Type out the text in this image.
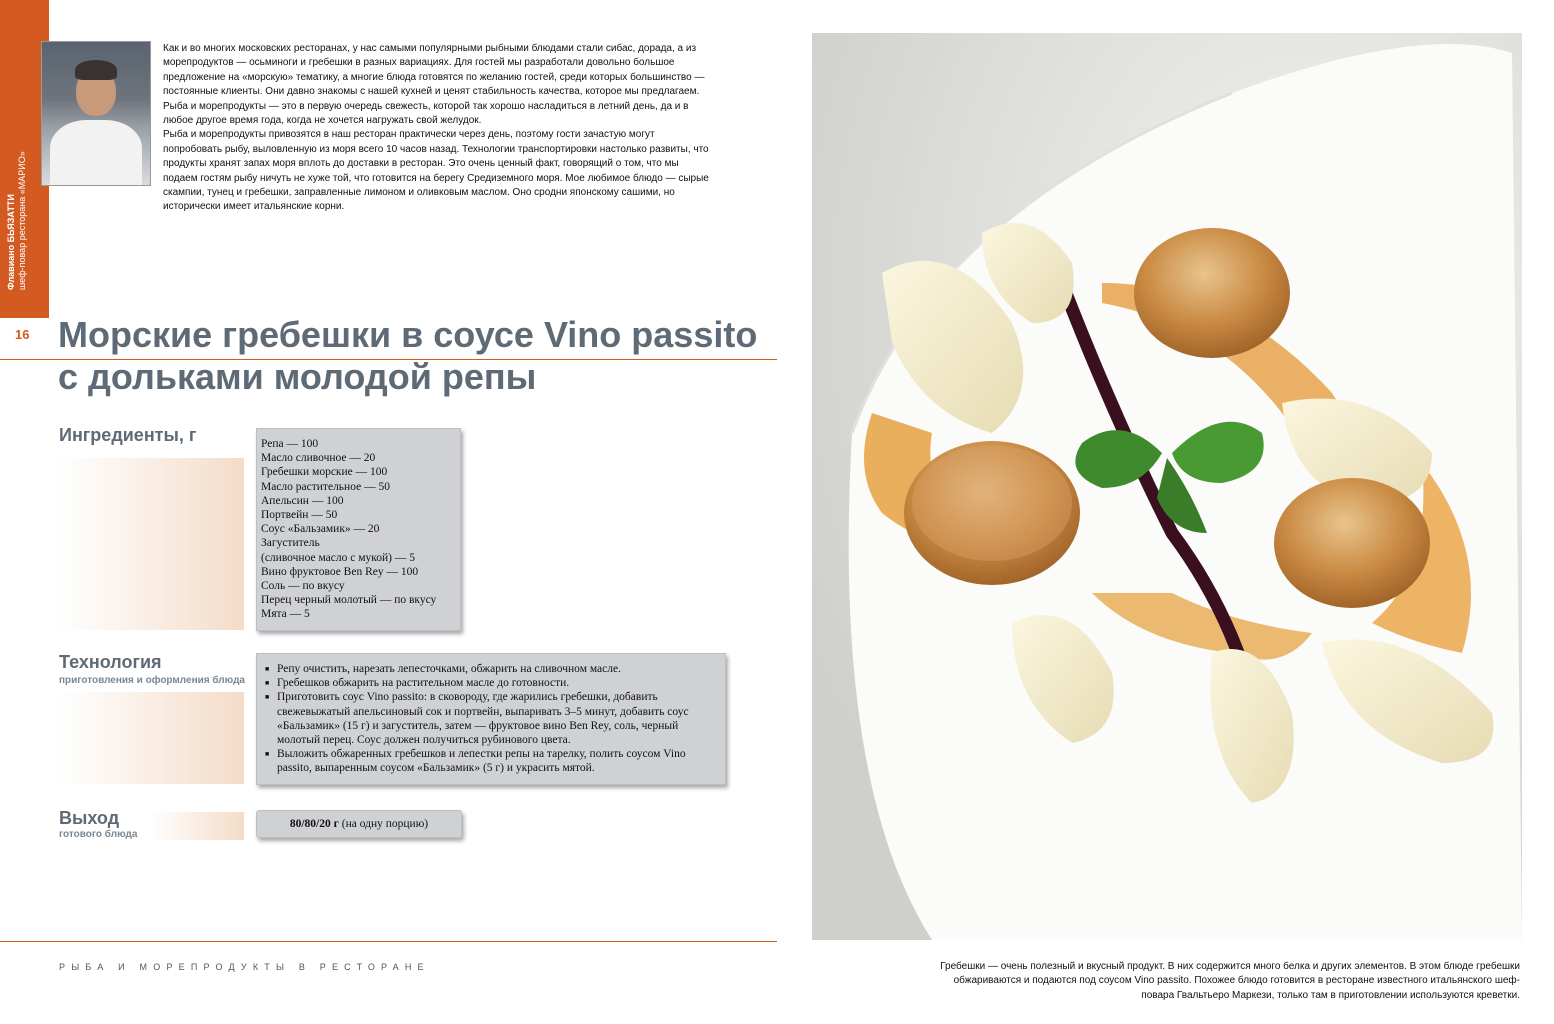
Флавиано БЬЯЗАТТИ
шеф-повар ресторана «МАРИО»

Как и во многих московских ресторанах, у нас самыми популярными рыбными блюдами стали сибас, дорада, а из морепродуктов — осьминоги и гребешки в разных вариациях. Для гостей мы разработали довольно большое предложение на «морскую» тематику, а многие блюда готовятся по желанию гостей, среди которых большинство — постоянные клиенты. Они давно знакомы с нашей кухней и ценят стабильность качества, которое мы предлагаем. Рыба и морепродукты — это в первую очередь свежесть, которой так хорошо насладиться в летний день, да и в любое другое время года, когда не хочется нагружать свой желудок.

Рыба и морепродукты привозятся в наш ресторан практически через день, поэтому гости зачастую могут попробовать рыбу, выловленную из моря всего 10 часов назад. Технологии транспортировки настолько развиты, что продукты хранят запах моря вплоть до доставки в ресторан. Это очень ценный факт, говорящий о том, что мы подаем гостям рыбу ничуть не хуже той, что готовится на берегу Средиземного моря. Мое любимое блюдо — сырые скампии, тунец и гребешки, заправленные лимоном и оливковым маслом. Оно сродни японскому сашими, но исторически имеет итальянские корни.

16 Морские гребешки в соусе Vino passito с дольками молодой репы
Ингредиенты, г	Репа — 100
Масло сливочное — 20
Гребешки морские — 100
Масло растительное — 50
Апельсин — 100
Портвейн — 50
Соус «Бальзамик» — 20
Загуститель
(сливочное масло с мукой) — 5
Вино фруктовое Ben Rey — 100
Соль — по вкусу
Перец черный молотый — по вкусу
Мята — 5
Технология
приготовления и оформления блюда
■ Репу очистить, нарезать лепесточками, обжарить на сливочном масле.
■ Гребешков обжарить на растительном масле до готовности.
■ Приготовить соус Vino passito: в сковороду, где жарились гребешки, добавить свежевыжатый апельсиновый сок и портвейн, выпаривать 3–5 минут, добавить соус «Бальзамик» (15 г) и загуститель, затем — фруктовое вино Ben Rey, соль, черный молотый перец. Соус должен получиться рубинового цвета.
■ Выложить обжаренных гребешков и лепестки репы на тарелку, полить соусом Vino passito, выпаренным соусом «Бальзамик» (5 г) и украсить мятой.
Выход
готового блюда
80/80/20 г (на одну порцию)
РЫБА И МОРЕПРОДУКТЫ В РЕСТОРАНЕ	Гребешки — очень полезный и вкусный продукт. В них содержится много белка и других элементов. В этом блюде гребешки обжариваются и подаются под соусом Vino passito. Похожее блюдо готовится в ресторане известного итальянского шеф-повара Гвальтьеро Маркези, только там в приготовлении используются креветки.
